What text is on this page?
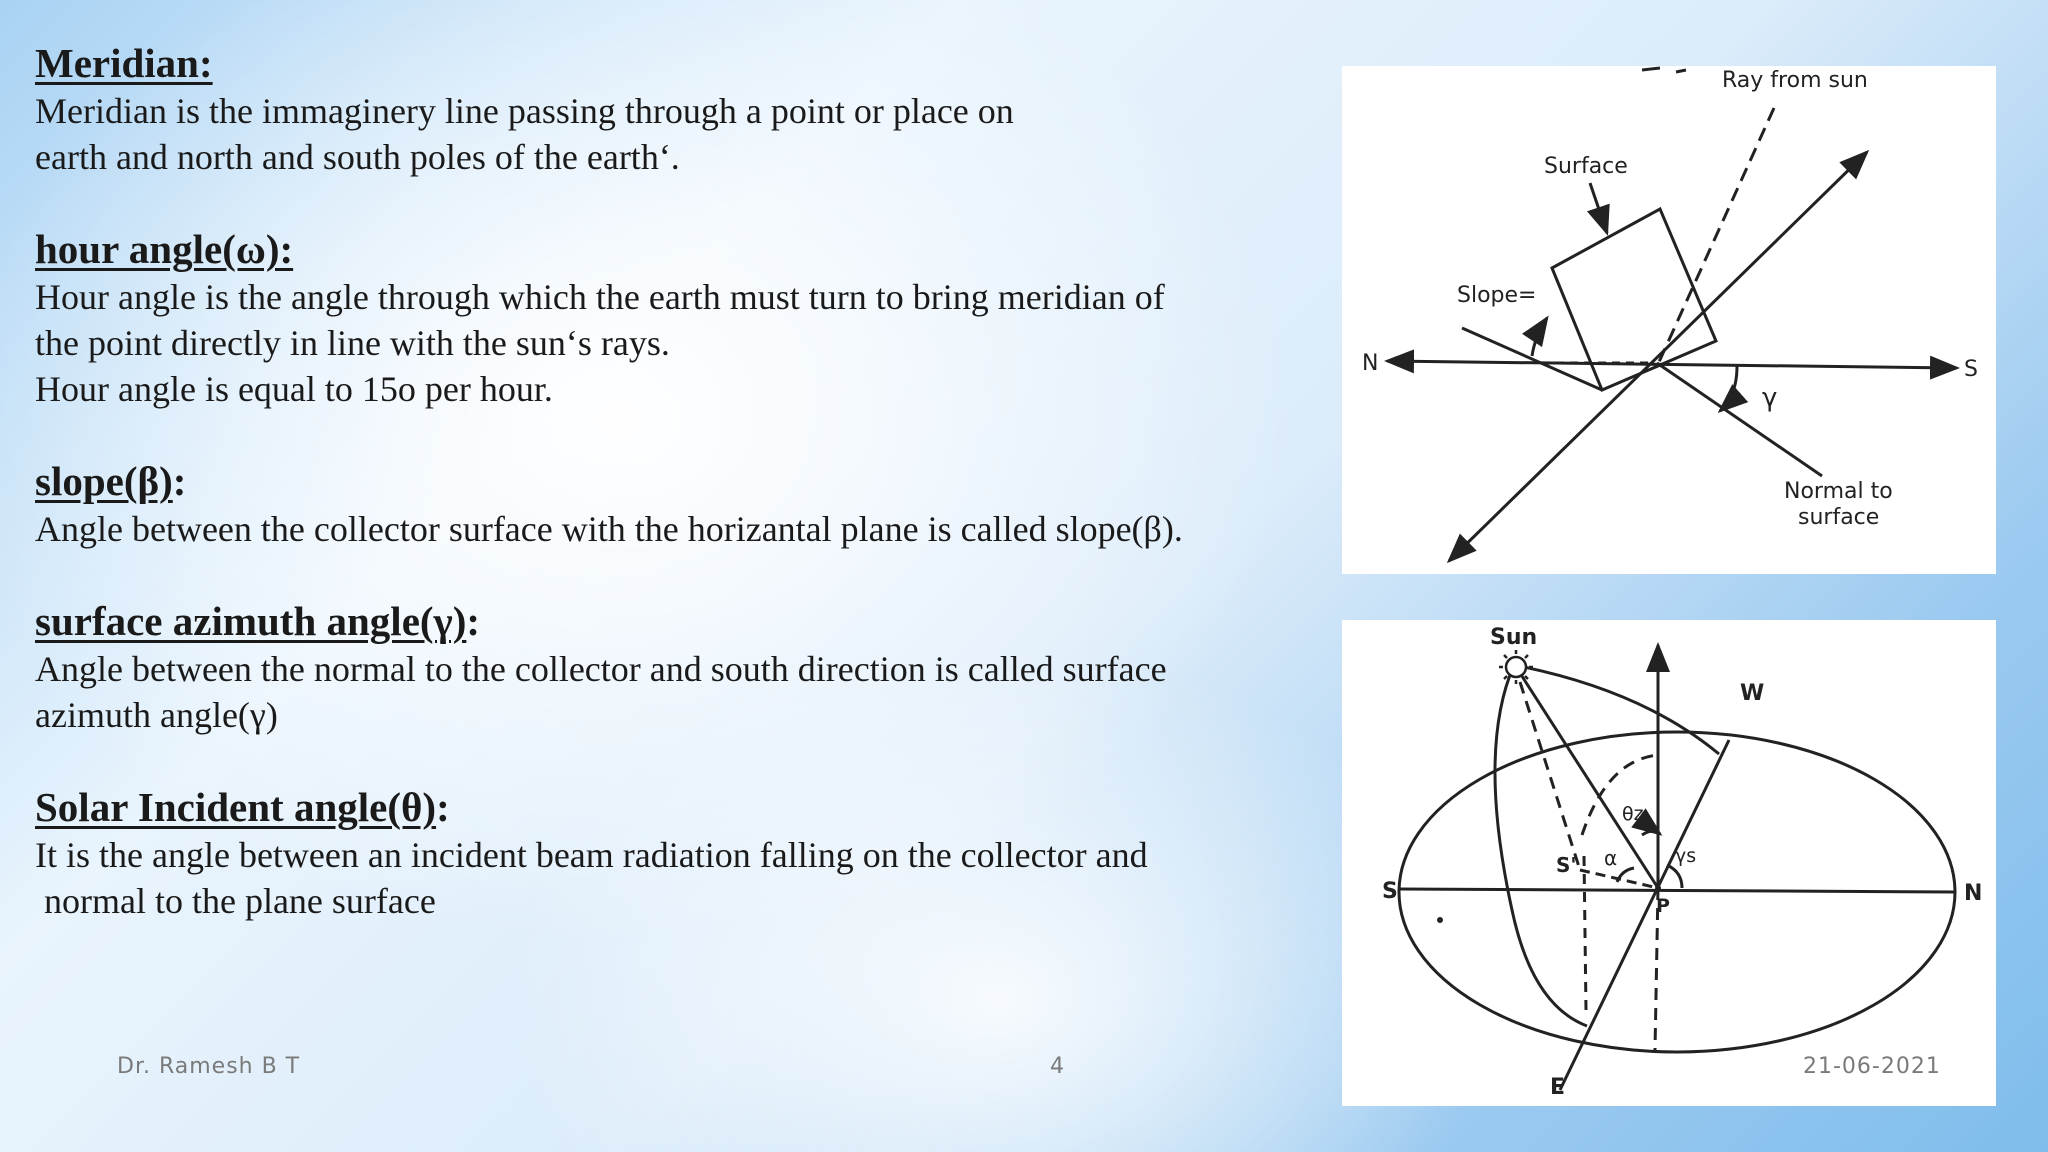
Meridian:
Meridian is the immaginery line passing through a point or place on
earth and north and south poles of the earth‘.
hour angle(ω):
Hour angle is the angle through which the earth must turn to bring meridian of
the point directly in line with the sun‘s rays.
Hour angle is equal to 15o per hour.
slope(β):
Angle between the collector surface with the horizantal plane is called slope(β).
surface azimuth angle(γ):
Angle between the normal to the collector and south direction is called surface
azimuth angle(γ)
Solar Incident angle(θ):
It is the angle between an incident beam radiation falling on the collector and
normal to the plane surface
Ray from sun
Surface
Slope=
N	S
γ
Normal to
surface
Sun
W
S	N
E
θz
α	γs
S'
P
Dr. Ramesh B T	4	21-06-2021
